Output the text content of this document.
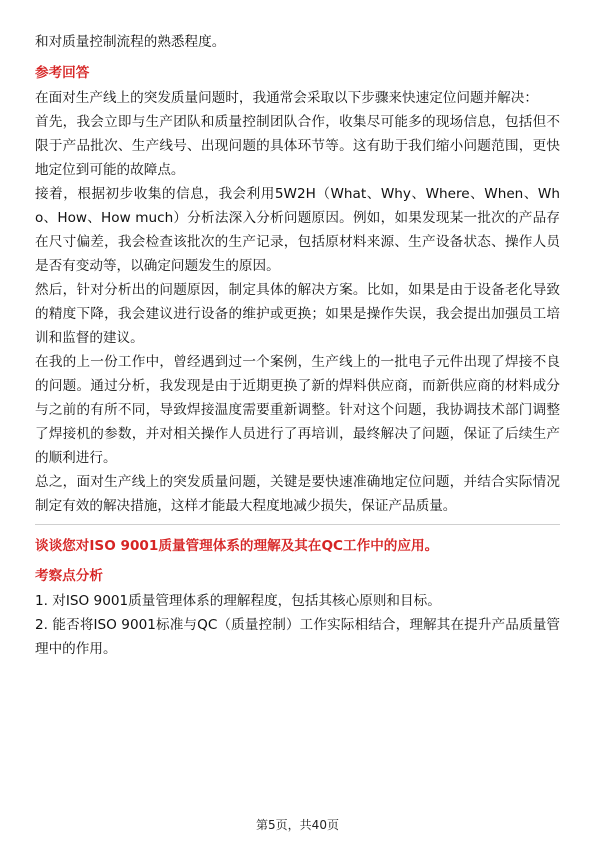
和对质量控制流程的熟悉程度。

参考回答

在面对生产线上的突发质量问题时，我通常会采取以下步骤来快速定位问题并解决：

首先，我会立即与生产团队和质量控制团队合作，收集尽可能多的现场信息，包括但不限于产品批次、生产线号、出现问题的具体环节等。这有助于我们缩小问题范围，更快地定位到可能的故障点。

接着，根据初步收集的信息，我会利用5W2H（What、Why、Where、When、Who、How、How much）分析法深入分析问题原因。例如，如果发现某一批次的产品存在尺寸偏差，我会检查该批次的生产记录，包括原材料来源、生产设备状态、操作人员是否有变动等，以确定问题发生的原因。

然后，针对分析出的问题原因，制定具体的解决方案。比如，如果是由于设备老化导致的精度下降，我会建议进行设备的维护或更换；如果是操作失误，我会提出加强员工培训和监督的建议。

在我的上一份工作中，曾经遇到过一个案例，生产线上的一批电子元件出现了焊接不良的问题。通过分析，我发现是由于近期更换了新的焊料供应商，而新供应商的材料成分与之前的有所不同，导致焊接温度需要重新调整。针对这个问题，我协调技术部门调整了焊接机的参数，并对相关操作人员进行了再培训，最终解决了问题，保证了后续生产的顺利进行。

总之，面对生产线上的突发质量问题，关键是要快速准确地定位问题，并结合实际情况制定有效的解决措施，这样才能最大程度地减少损失，保证产品质量。

谈谈您对ISO 9001质量管理体系的理解及其在QC工作中的应用。
考察点分析

1. 对ISO 9001质量管理体系的理解程度，包括其核心原则和目标。

2. 能否将ISO 9001标准与QC（质量控制）工作实际相结合，理解其在提升产品质量管理中的作用。

第5页，共40页
